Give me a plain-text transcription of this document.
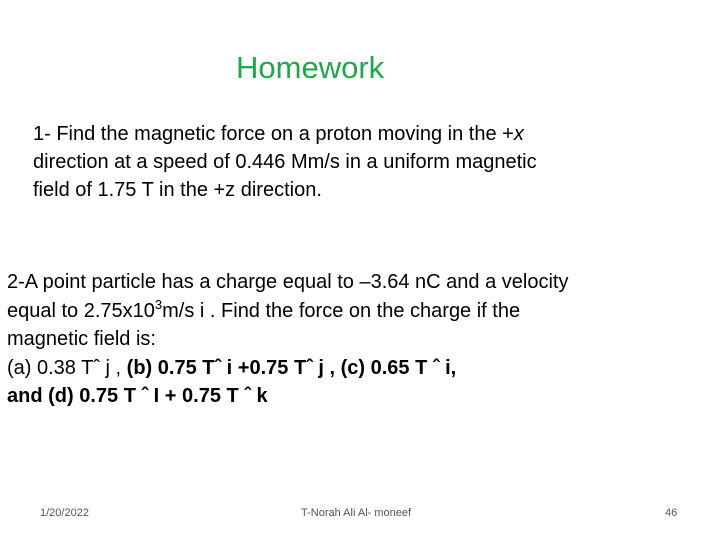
Homework

1- Find the magnetic force on a proton moving in the +x
direction at a speed of 0.446 Mm/s in a uniform magnetic
field of 1.75 T in the +z direction.

2-A point particle has a charge equal to –3.64 nC and a velocity
equal to $2.75x10^3m/s$ i . Find the force on the charge if the
magnetic field is:
(a) 0.38 Tˆ j , (b) 0.75 Tˆ i +0.75 Tˆ j , (c) 0.65 T ˆ i,
and (d) 0.75 T ˆ I + 0.75 T ˆ k

1/20/2022	T-Norah Ali Al- moneef	46
